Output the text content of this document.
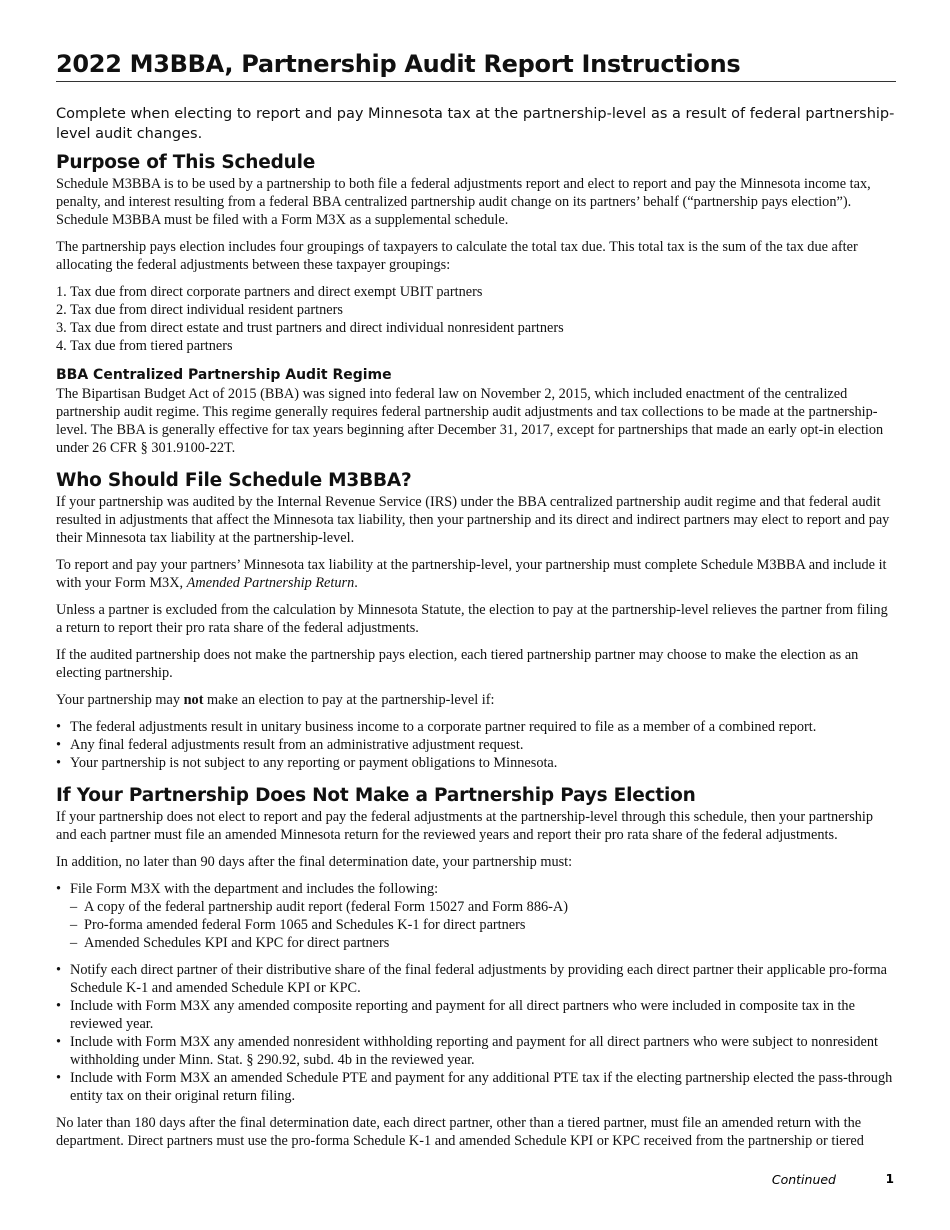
2022 M3BBA, Partnership Audit Report Instructions
Complete when electing to report and pay Minnesota tax at the partnership-level as a result of federal partnership-level audit changes.
Purpose of This Schedule

Schedule M3BBA is to be used by a partnership to both file a federal adjustments report and elect to report and pay the Minnesota income tax, penalty, and interest resulting from a federal BBA centralized partnership audit change on its partners’ behalf (“partnership pays election”). Schedule M3BBA must be filed with a Form M3X as a supplemental schedule.

The partnership pays election includes four groupings of taxpayers to calculate the total tax due. This total tax is the sum of the tax due after allocating the federal adjustments between these taxpayer groupings:

1. Tax due from direct corporate partners and direct exempt UBIT partners
2. Tax due from direct individual resident partners
3. Tax due from direct estate and trust partners and direct individual nonresident partners
4. Tax due from tiered partners
BBA Centralized Partnership Audit Regime

The Bipartisan Budget Act of 2015 (BBA) was signed into federal law on November 2, 2015, which included enactment of the centralized partnership audit regime. This regime generally requires federal partnership audit adjustments and tax collections to be made at the partnership-level. The BBA is generally effective for tax years beginning after December 31, 2017, except for partnerships that made an early opt-in election under 26 CFR § 301.9100-22T.

Who Should File Schedule M3BBA?

If your partnership was audited by the Internal Revenue Service (IRS) under the BBA centralized partnership audit regime and that federal audit resulted in adjustments that affect the Minnesota tax liability, then your partnership and its direct and indirect partners may elect to report and pay their Minnesota tax liability at the partnership-level.

To report and pay your partners’ Minnesota tax liability at the partnership-level, your partnership must complete Schedule M3BBA and include it with your Form M3X, Amended Partnership Return.

Unless a partner is excluded from the calculation by Minnesota Statute, the election to pay at the partnership-level relieves the partner from filing a return to report their pro rata share of the federal adjustments.

If the audited partnership does not make the partnership pays election, each tiered partnership partner may choose to make the election as an electing partnership.

Your partnership may not make an election to pay at the partnership-level if:

• The federal adjustments result in unitary business income to a corporate partner required to file as a member of a combined report.
• Any final federal adjustments result from an administrative adjustment request.
• Your partnership is not subject to any reporting or payment obligations to Minnesota.
If Your Partnership Does Not Make a Partnership Pays Election

If your partnership does not elect to report and pay the federal adjustments at the partnership-level through this schedule, then your partnership and each partner must file an amended Minnesota return for the reviewed years and report their pro rata share of the federal adjustments.

In addition, no later than 90 days after the final determination date, your partnership must:

• File Form M3X with the department and includes the following:
– A copy of the federal partnership audit report (federal Form 15027 and Form 886-A)
– Pro-forma amended federal Form 1065 and Schedules K-1 for direct partners
– Amended Schedules KPI and KPC for direct partners
• Notify each direct partner of their distributive share of the final federal adjustments by providing each direct partner their applicable pro-forma Schedule K-1 and amended Schedule KPI or KPC.
• Include with Form M3X any amended composite reporting and payment for all direct partners who were included in composite tax in the reviewed year.
• Include with Form M3X any amended nonresident withholding reporting and payment for all direct partners who were subject to nonresident withholding under Minn. Stat. § 290.92, subd. 4b in the reviewed year.
• Include with Form M3X an amended Schedule PTE and payment for any additional PTE tax if the electing partnership elected the pass-through entity tax on their original return filing.

No later than 180 days after the final determination date, each direct partner, other than a tiered partner, must file an amended return with the department. Direct partners must use the pro-forma Schedule K-1 and amended Schedule KPI or KPC received from the partnership or tiered

Continued	1
